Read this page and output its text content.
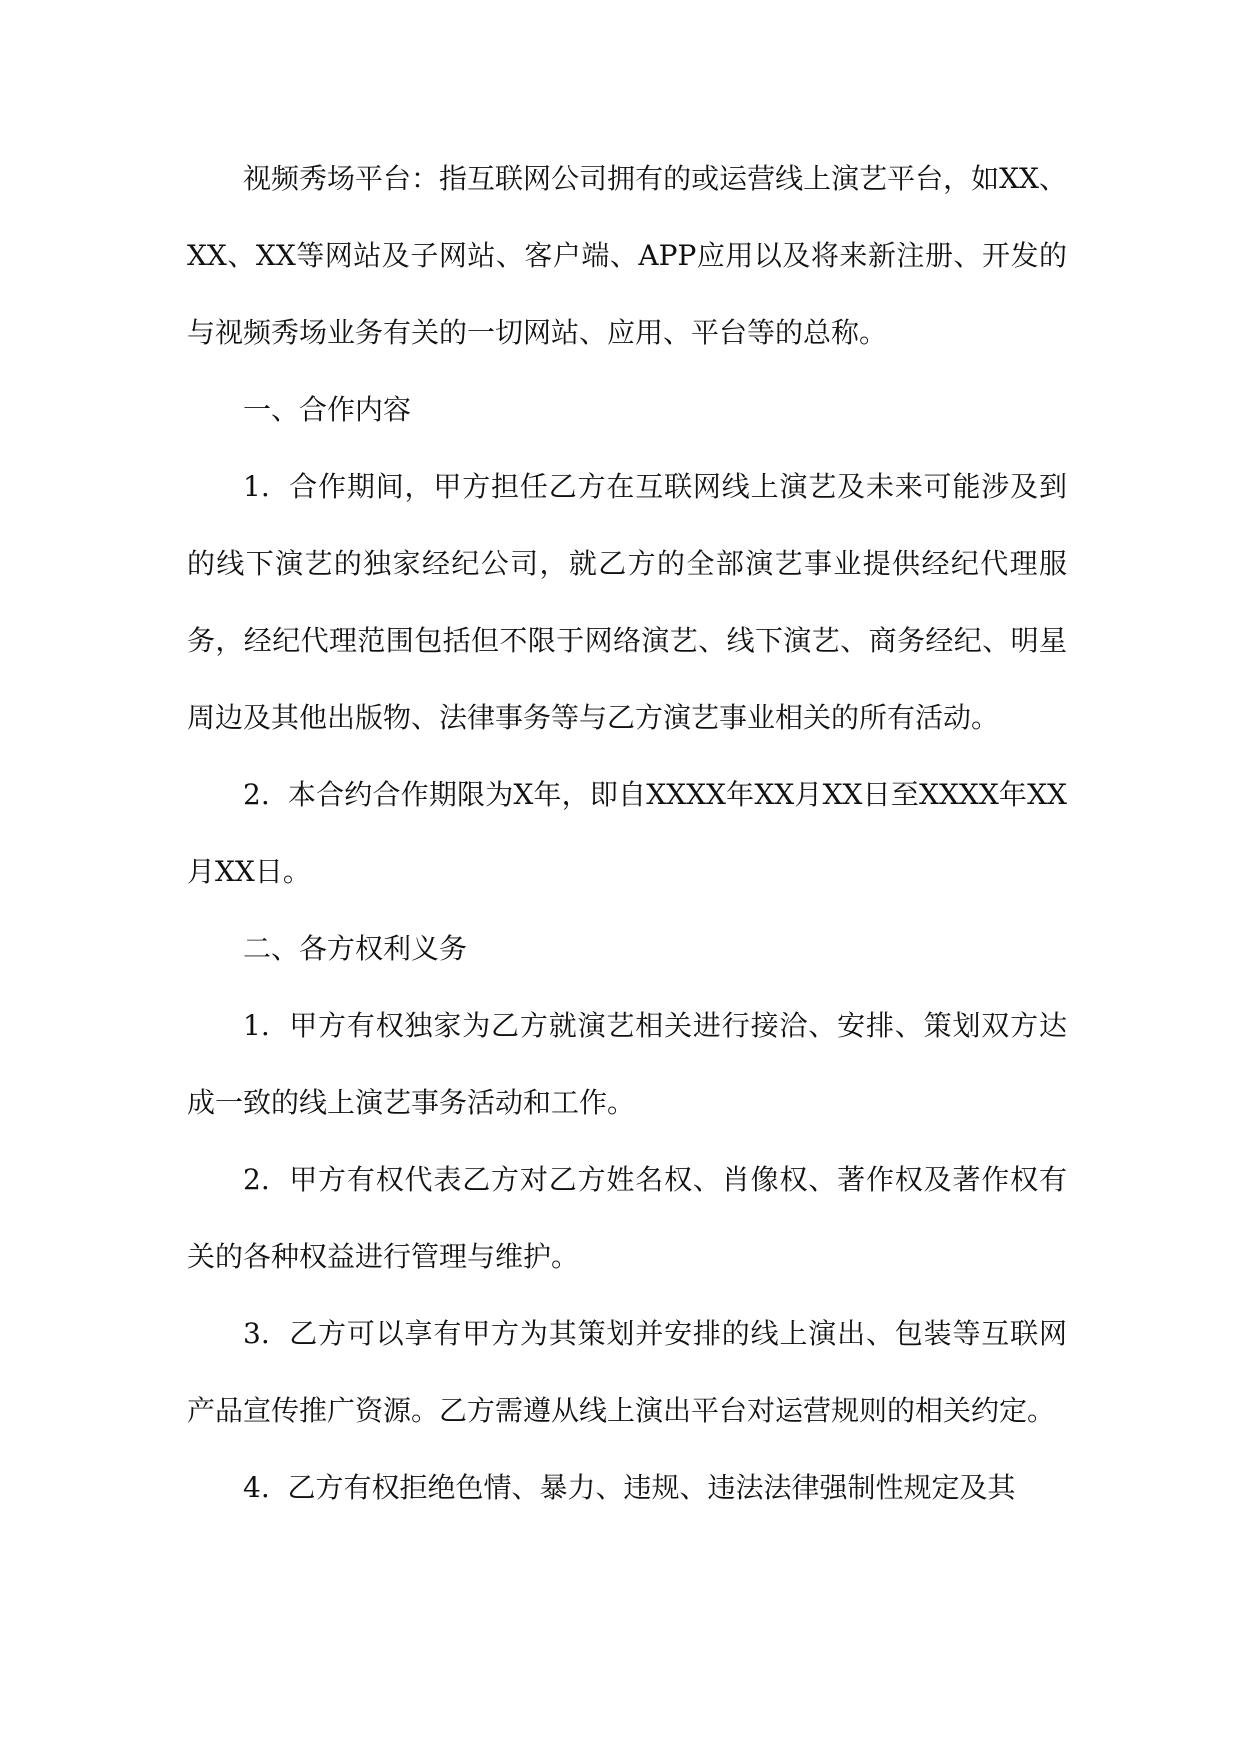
视频秀场平台：指互联网公司拥有的或运营线上演艺平台，如XX、XX、XX等网站及子网站、客户端、APP应用以及将来新注册、开发的与视频秀场业务有关的一切网站、应用、平台等的总称。

一、合作内容

1.  合作期间，甲方担任乙方在互联网线上演艺及未来可能涉及到的线下演艺的独家经纪公司，就乙方的全部演艺事业提供经纪代理服务，经纪代理范围包括但不限于网络演艺、线下演艺、商务经纪、明星周边及其他出版物、法律事务等与乙方演艺事业相关的所有活动。

2.  本合约合作期限为X年，即自XXXX年XX月XX日至XXXX年XX月XX日。

二、各方权利义务

1.  甲方有权独家为乙方就演艺相关进行接洽、安排、策划双方达成一致的线上演艺事务活动和工作。

2.  甲方有权代表乙方对乙方姓名权、肖像权、著作权及著作权有关的各种权益进行管理与维护。

3.  乙方可以享有甲方为其策划并安排的线上演出、包装等互联网产品宣传推广资源。乙方需遵从线上演出平台对运营规则的相关约定。

4.  乙方有权拒绝色情、暴力、违规、违法法律强制性规定及其
